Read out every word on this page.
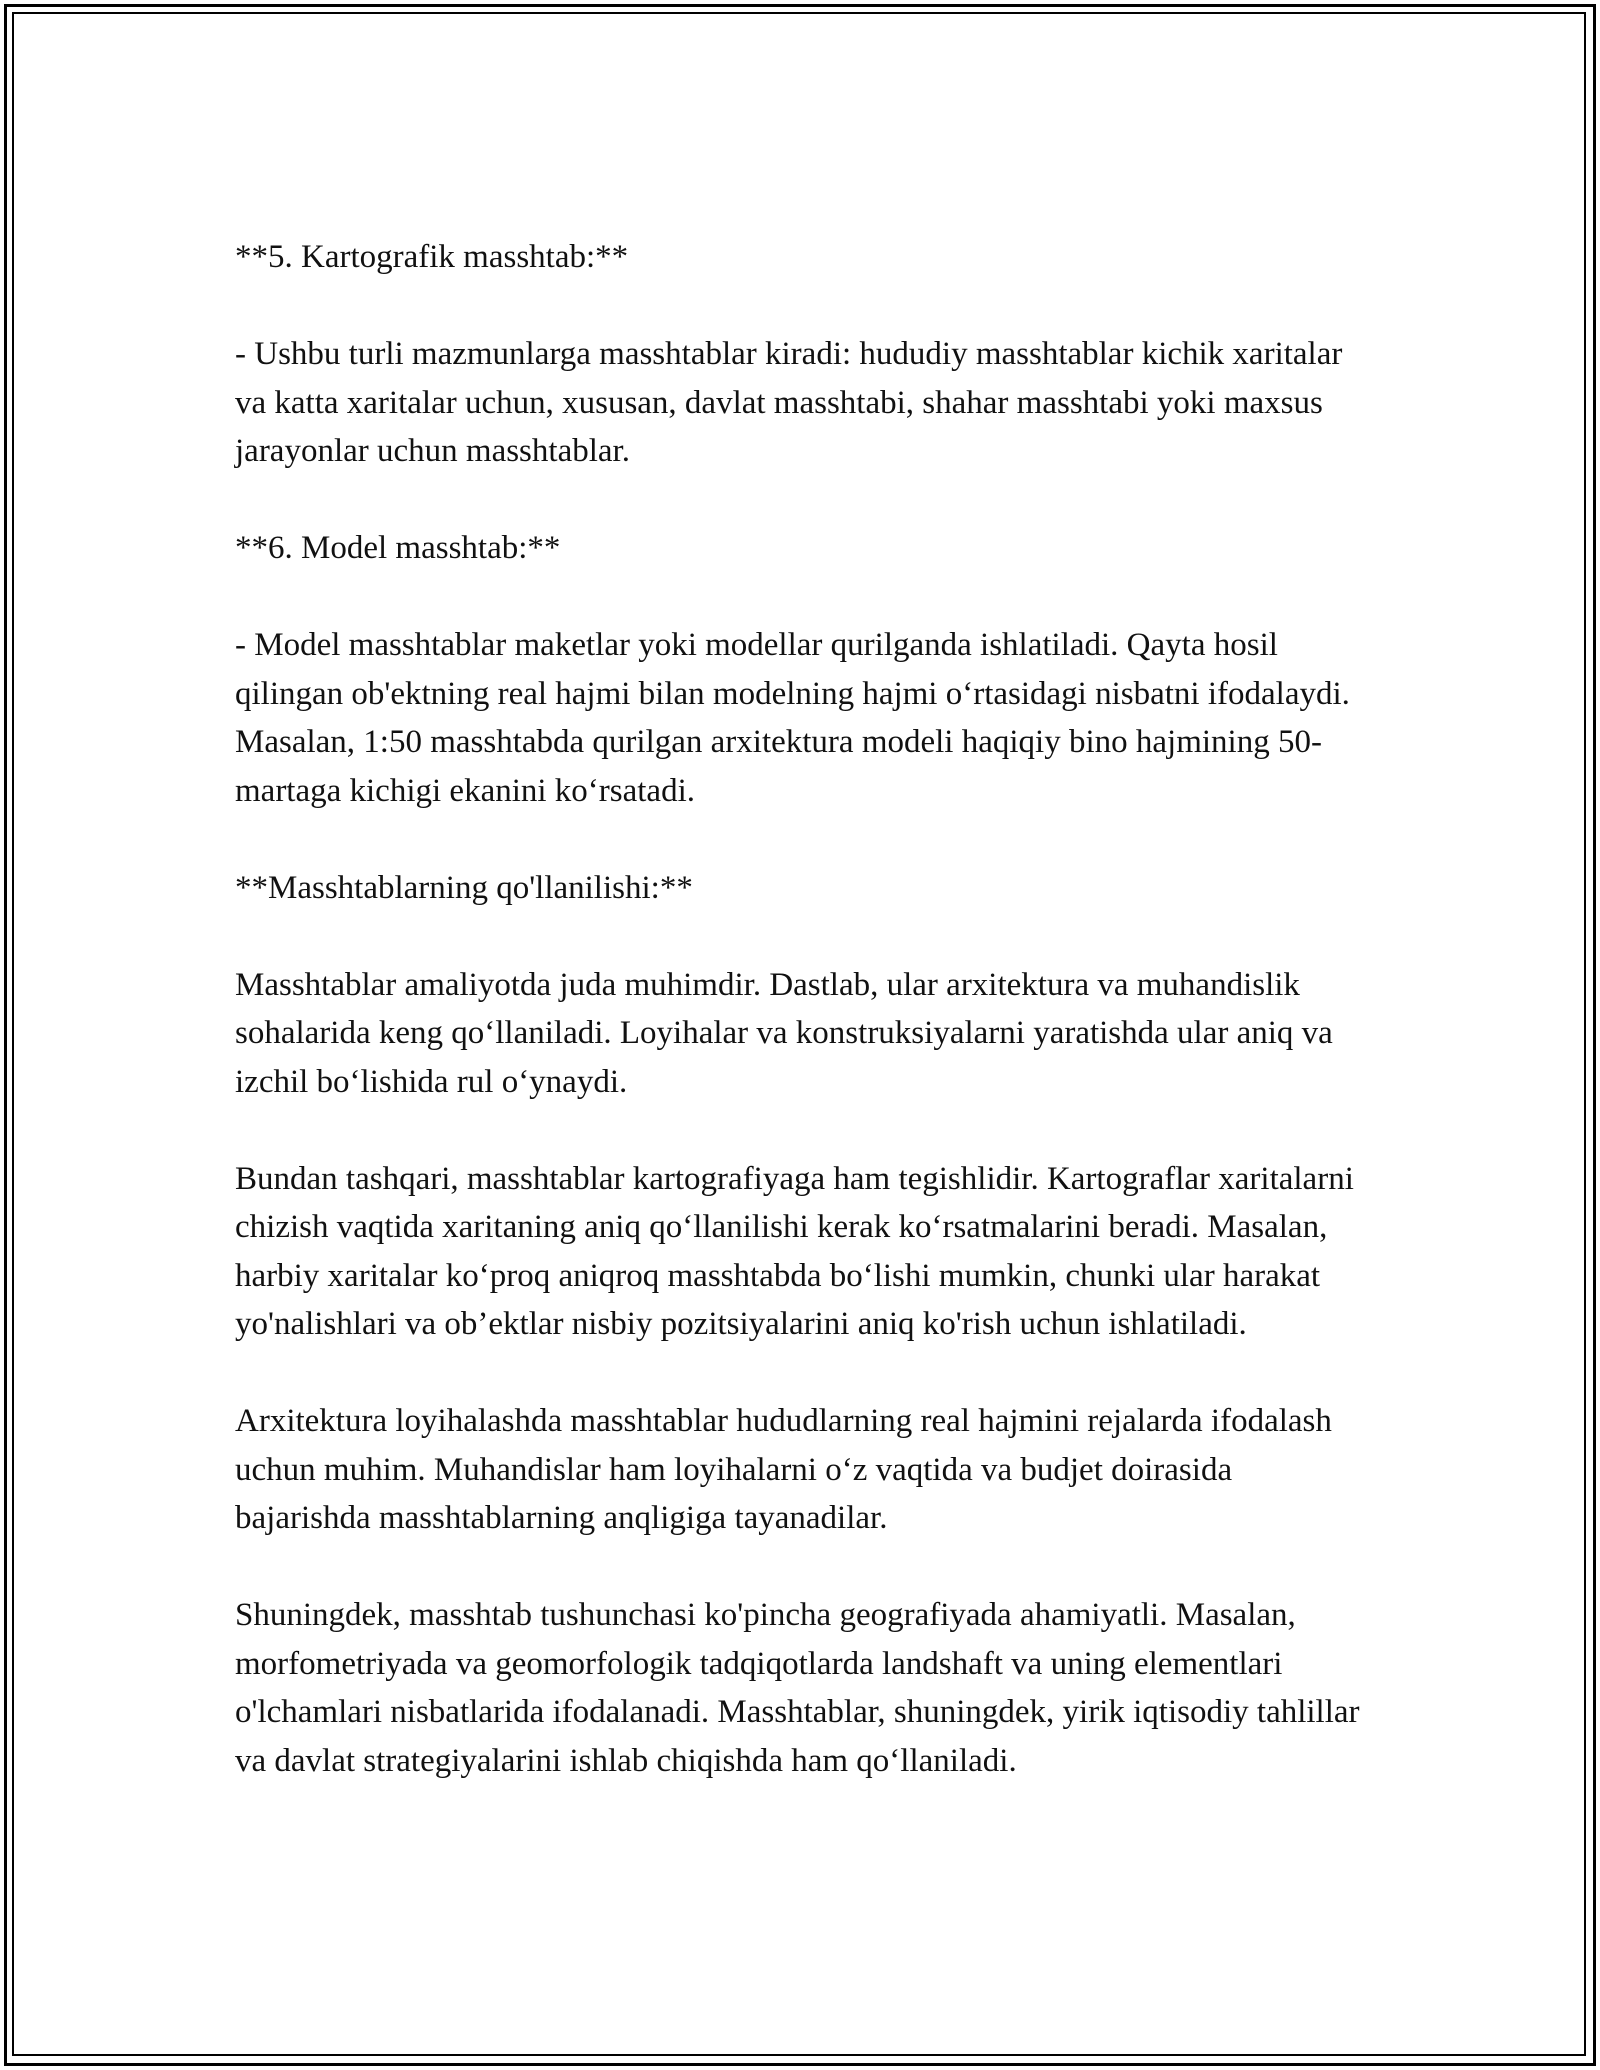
**5. Kartografik masshtab:**

- Ushbu turli mazmunlarga masshtablar kiradi: hududiy masshtablar kichik xaritalar va katta xaritalar uchun, xususan, davlat masshtabi, shahar masshtabi yoki maxsus jarayonlar uchun masshtablar.

**6. Model masshtab:**

- Model masshtablar maketlar yoki modellar qurilganda ishlatiladi. Qayta hosil qilingan ob'ektning real hajmi bilan modelning hajmi o‘rtasidagi nisbatni ifodalaydi. Masalan, 1:50 masshtabda qurilgan arxitektura modeli haqiqiy bino hajmining 50-martaga kichigi ekanini ko‘rsatadi.

**Masshtablarning qo'llanilishi:**

Masshtablar amaliyotda juda muhimdir. Dastlab, ular arxitektura va muhandislik sohalarida keng qo‘llaniladi. Loyihalar va konstruksiyalarni yaratishda ular aniq va izchil bo‘lishida rul o‘ynaydi.

Bundan tashqari, masshtablar kartografiyaga ham tegishlidir. Kartograflar xaritalarni chizish vaqtida xaritaning aniq qo‘llanilishi kerak ko‘rsatmalarini beradi. Masalan, harbiy xaritalar ko‘proq aniqroq masshtabda bo‘lishi mumkin, chunki ular harakat yo'nalishlari va ob’ektlar nisbiy pozitsiyalarini aniq ko'rish uchun ishlatiladi.

Arxitektura loyihalashda masshtablar hududlarning real hajmini rejalarda ifodalash uchun muhim. Muhandislar ham loyihalarni o‘z vaqtida va budjet doirasida bajarishda masshtablarning anqligiga tayanadilar.

Shuningdek, masshtab tushunchasi ko'pincha geografiyada ahamiyatli. Masalan, morfometriyada va geomorfologik tadqiqotlarda landshaft va uning elementlari o'lchamlari nisbatlarida ifodalanadi. Masshtablar, shuningdek, yirik iqtisodiy tahlillar va davlat strategiyalarini ishlab chiqishda ham qo‘llaniladi.
